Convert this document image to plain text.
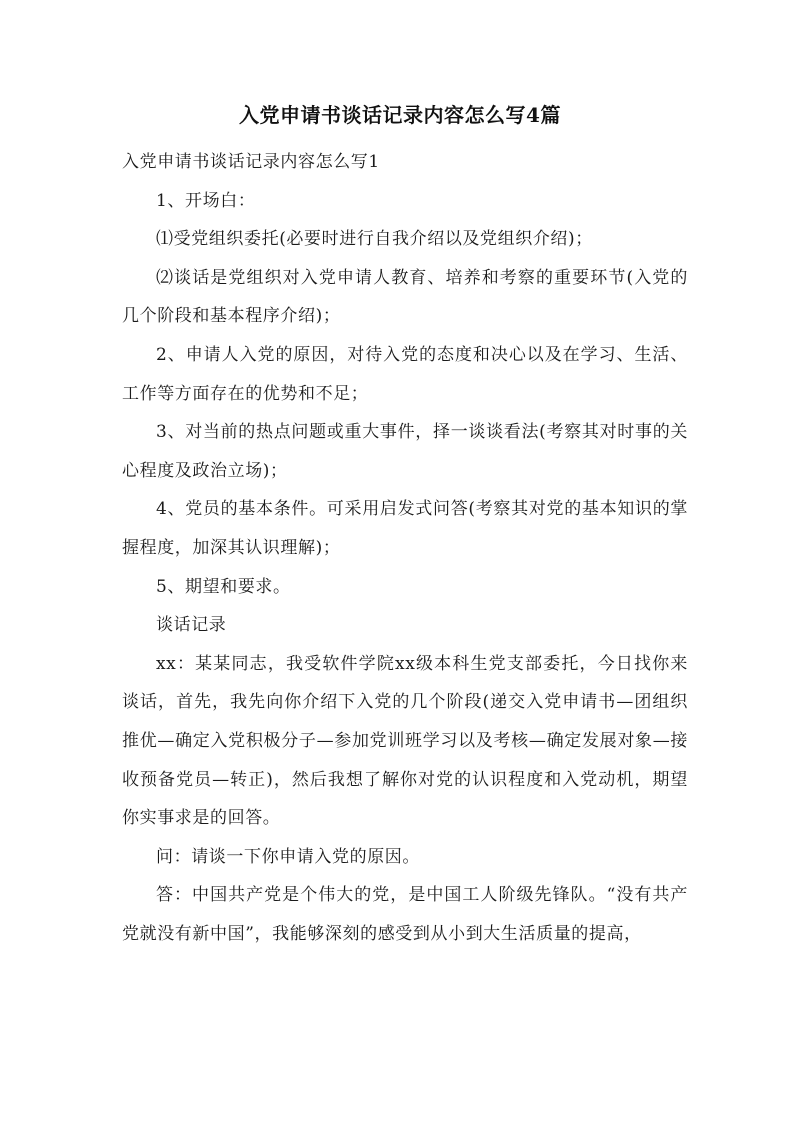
入党申请书谈话记录内容怎么写4篇

入党申请书谈话记录内容怎么写1

1、开场白：

⑴受党组织委托(必要时进行自我介绍以及党组织介绍)；

⑵谈话是党组织对入党申请人教育、培养和考察的重要环节(入党的几个阶段和基本程序介绍)；

2、申请人入党的原因，对待入党的态度和决心以及在学习、生活、工作等方面存在的优势和不足；

3、对当前的热点问题或重大事件，择一谈谈看法(考察其对时事的关心程度及政治立场)；

4、党员的基本条件。可采用启发式问答(考察其对党的基本知识的掌握程度，加深其认识理解)；

5、期望和要求。

谈话记录

xx：某某同志，我受软件学院xx级本科生党支部委托，今日找你来谈话，首先，我先向你介绍下入党的几个阶段(递交入党申请书—团组织推优—确定入党积极分子—参加党训班学习以及考核—确定发展对象—接收预备党员—转正)，然后我想了解你对党的认识程度和入党动机，期望你实事求是的回答。

问：请谈一下你申请入党的原因。

答：中国共产党是个伟大的党，是中国工人阶级先锋队。“没有共产党就没有新中国”，我能够深刻的感受到从小到大生活质量的提高，
